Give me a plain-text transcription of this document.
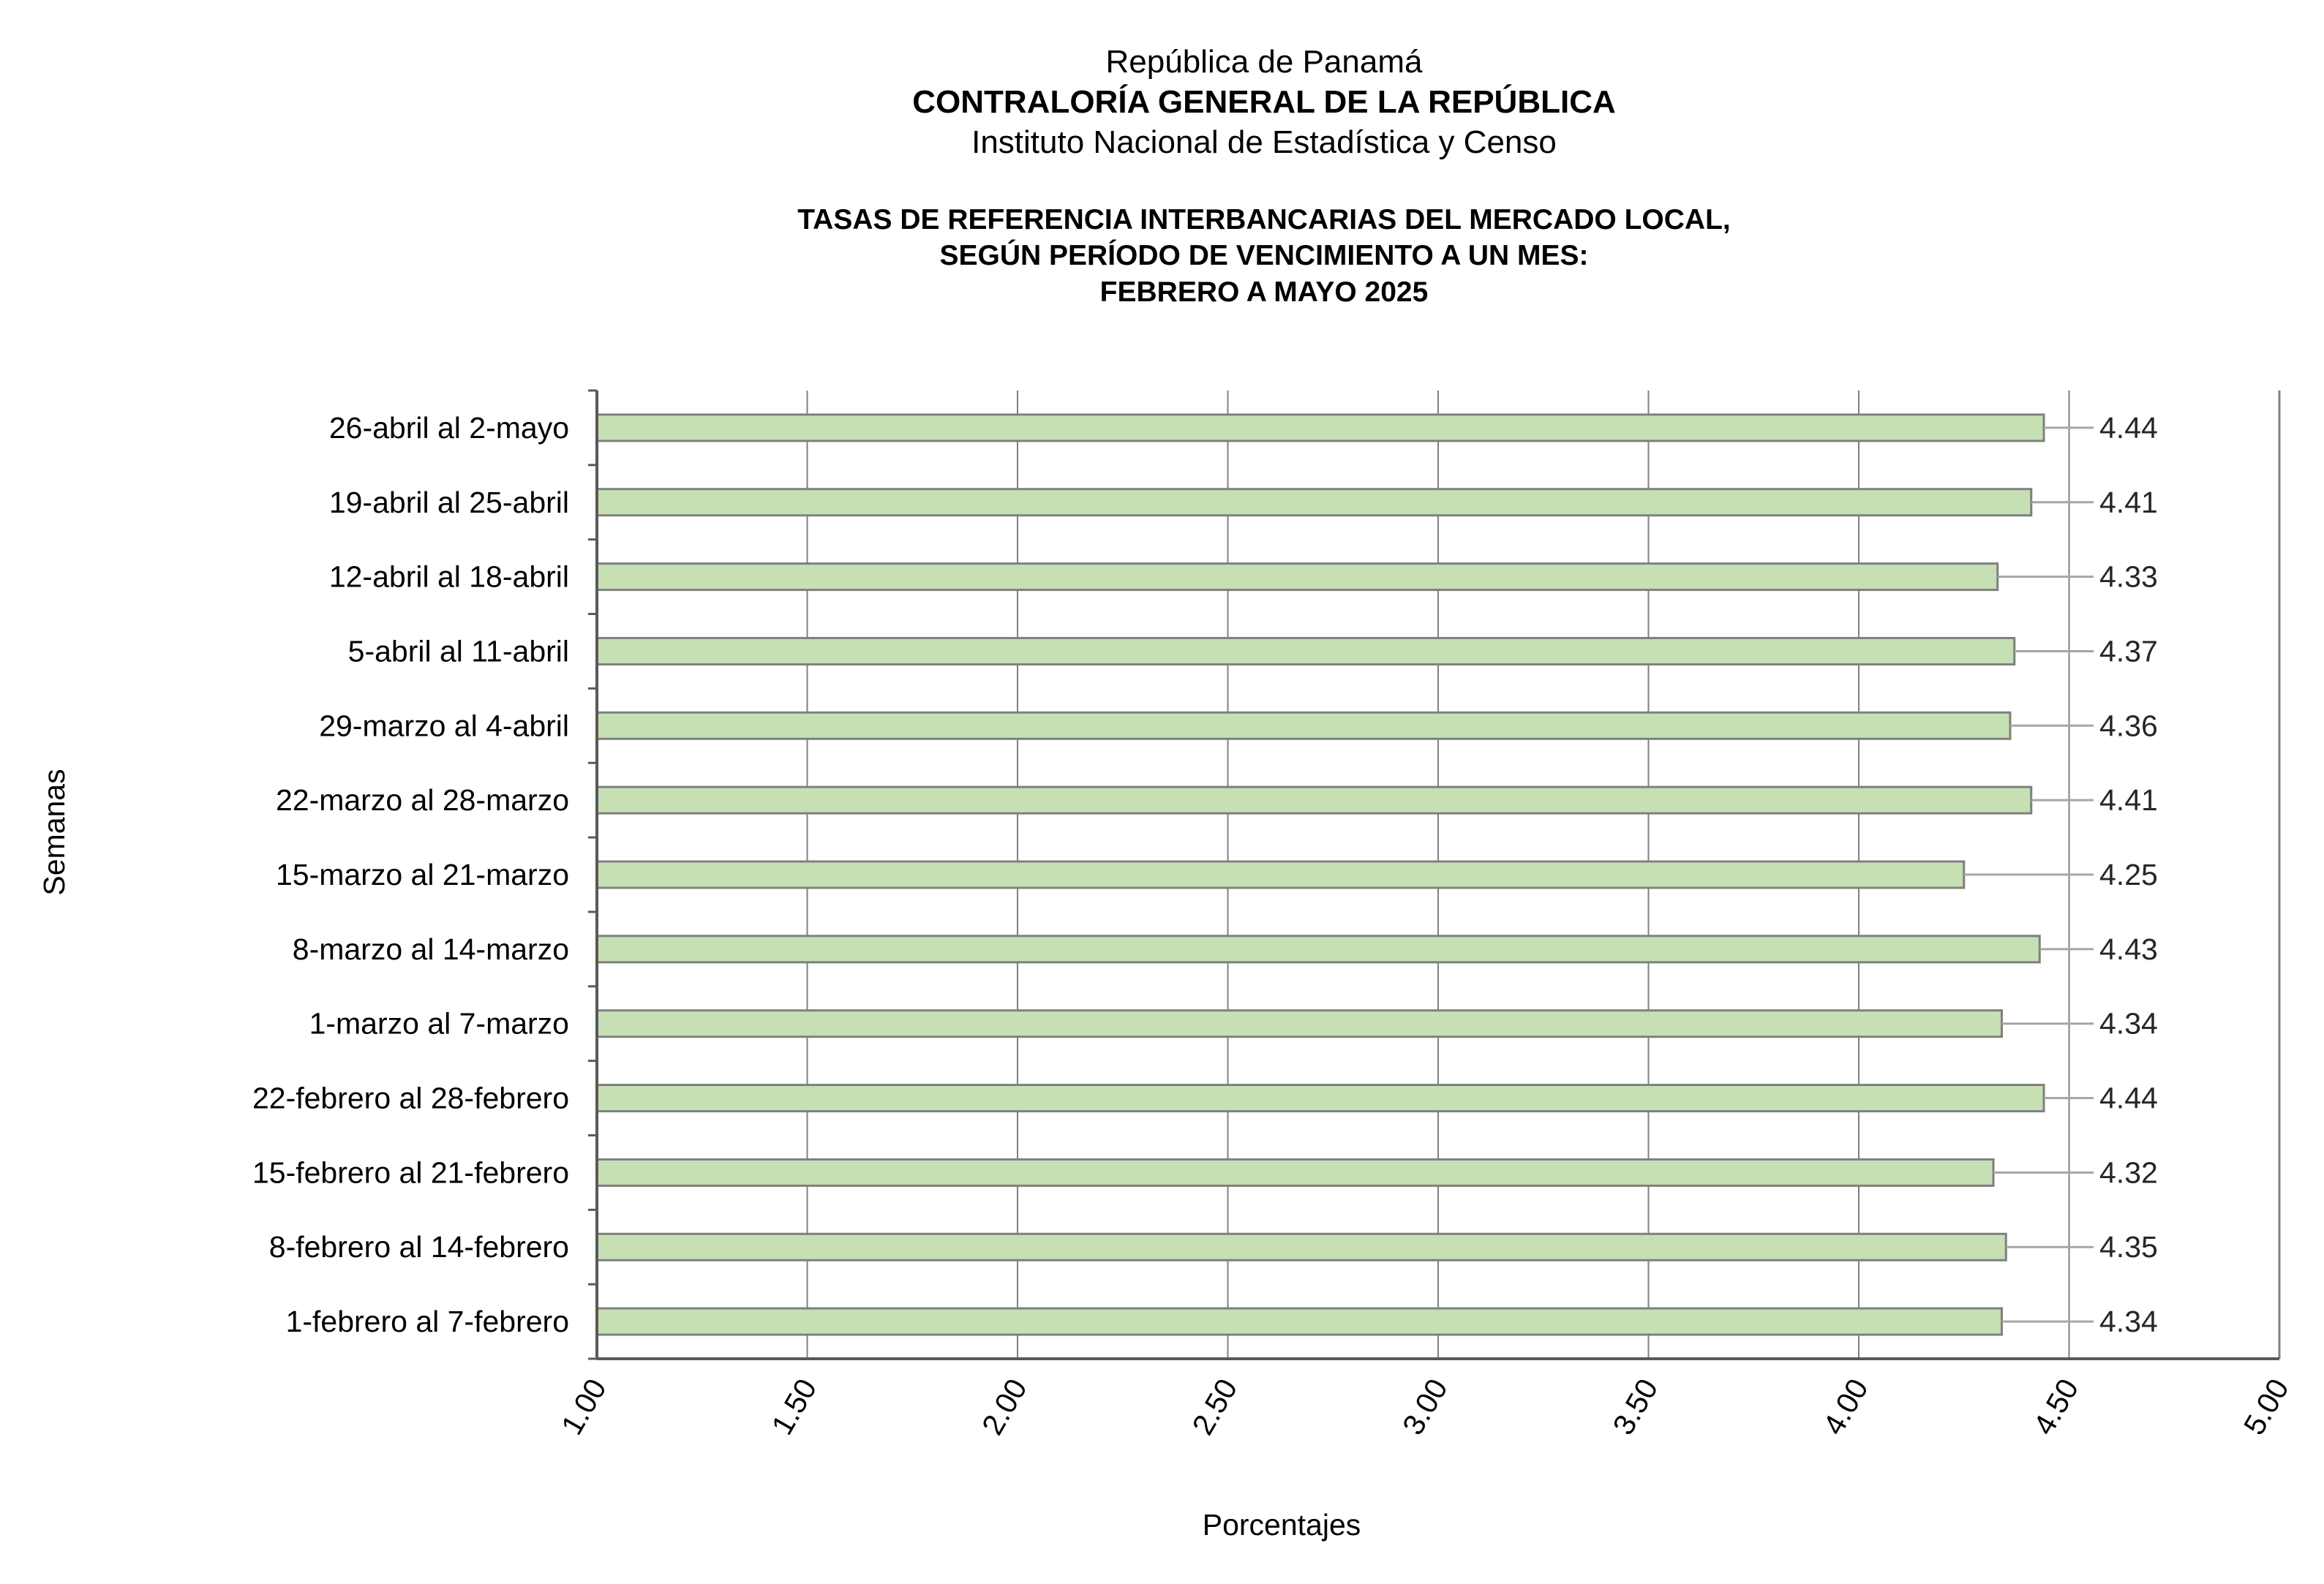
República de Panamá
CONTRALORÍA GENERAL DE LA REPÚBLICA
Instituto Nacional de Estadística y Censo
TASAS DE REFERENCIA INTERBANCARIAS DEL MERCADO LOCAL,
SEGÚN PERÍODO DE VENCIMIENTO A UN MES:
FEBRERO A MAYO 2025
26-abril al 2-mayo
19-abril al 25-abril
12-abril al 18-abril
5-abril al 11-abril
29-marzo al 4-abril
22-marzo al 28-marzo
15-marzo al 21-marzo
8-marzo al 14-marzo
1-marzo al 7-marzo
22-febrero al 28-febrero
15-febrero al 21-febrero
8-febrero al 14-febrero
1-febrero al 7-febrero
1.00	1.50	2.00	2.50	3.00	3.50	4.00	4.50	5.00
4.44
4.41
4.33
4.37
4.36
4.41
4.25
4.43
4.34
4.44
4.32
4.35
4.34
Porcentajes
Semanas
